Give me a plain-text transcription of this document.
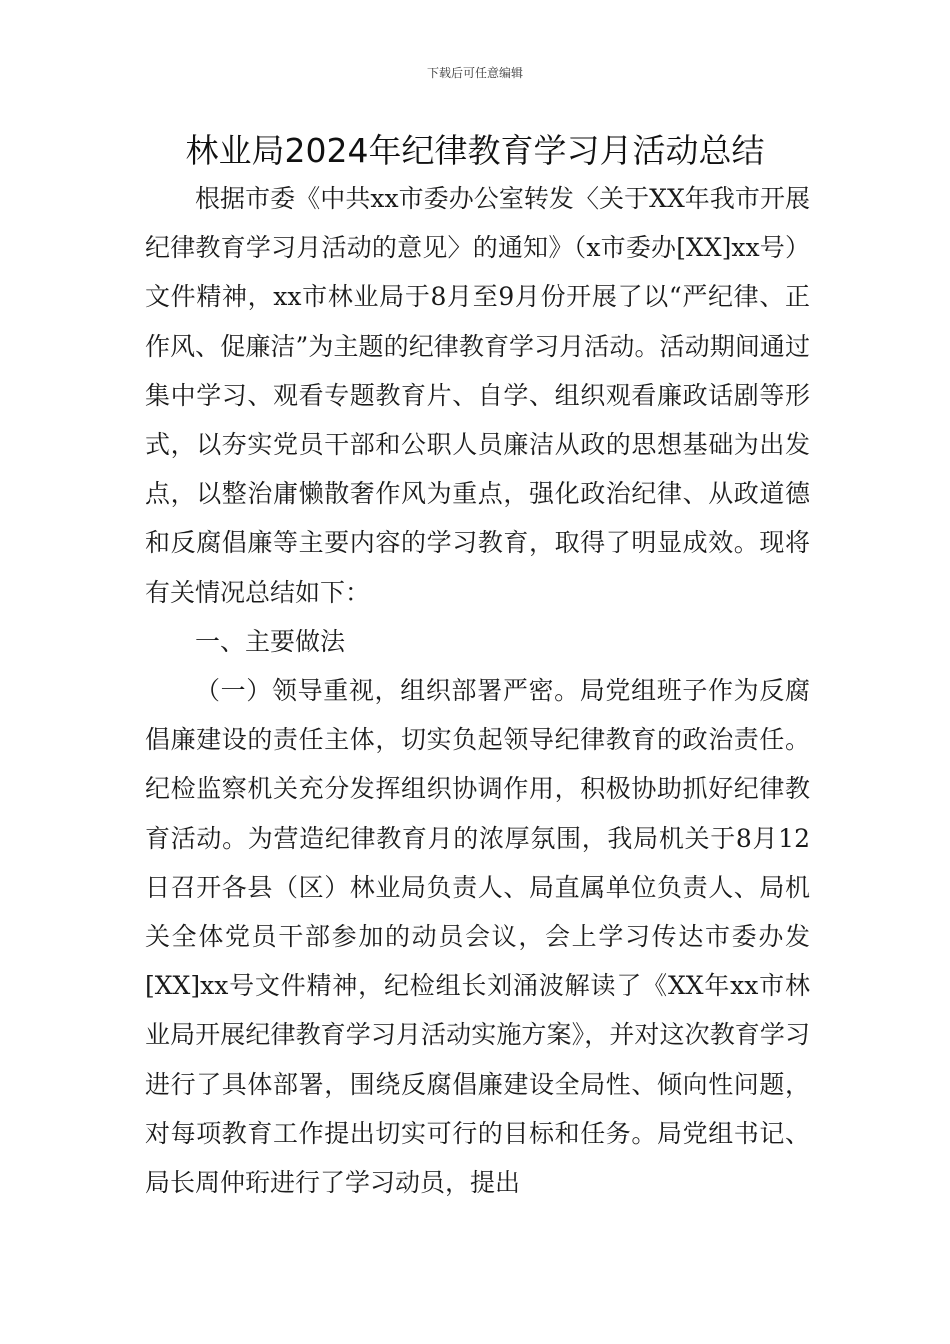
下载后可任意编辑
林业局2024年纪律教育学习月活动总结

根据市委《中共xx市委办公室转发〈关于XX年我市开展纪律教育学习月活动的意见〉的通知》（x市委办[XX]xx号）文件精神，xx市林业局于8月至9月份开展了以“严纪律、正作风、促廉洁”为主题的纪律教育学习月活动。活动期间通过集中学习、观看专题教育片、自学、组织观看廉政话剧等形式，以夯实党员干部和公职人员廉洁从政的思想基础为出发点，以整治庸懒散奢作风为重点，强化政治纪律、从政道德和反腐倡廉等主要内容的学习教育，取得了明显成效。现将有关情况总结如下：

一、主要做法

（一）领导重视，组织部署严密。局党组班子作为反腐倡廉建设的责任主体，切实负起领导纪律教育的政治责任。纪检监察机关充分发挥组织协调作用，积极协助抓好纪律教育活动。为营造纪律教育月的浓厚氛围，我局机关于8月12日召开各县（区）林业局负责人、局直属单位负责人、局机关全体党员干部参加的动员会议，会上学习传达市委办发 [XX]xx号文件精神，纪检组长刘涌波解读了《XX年xx市林业局开展纪律教育学习月活动实施方案》，并对这次教育学习进行了具体部署，围绕反腐倡廉建设全局性、倾向性问题，对每项教育工作提出切实可行的目标和任务。局党组书记、局长周仲珩进行了学习动员，提出
